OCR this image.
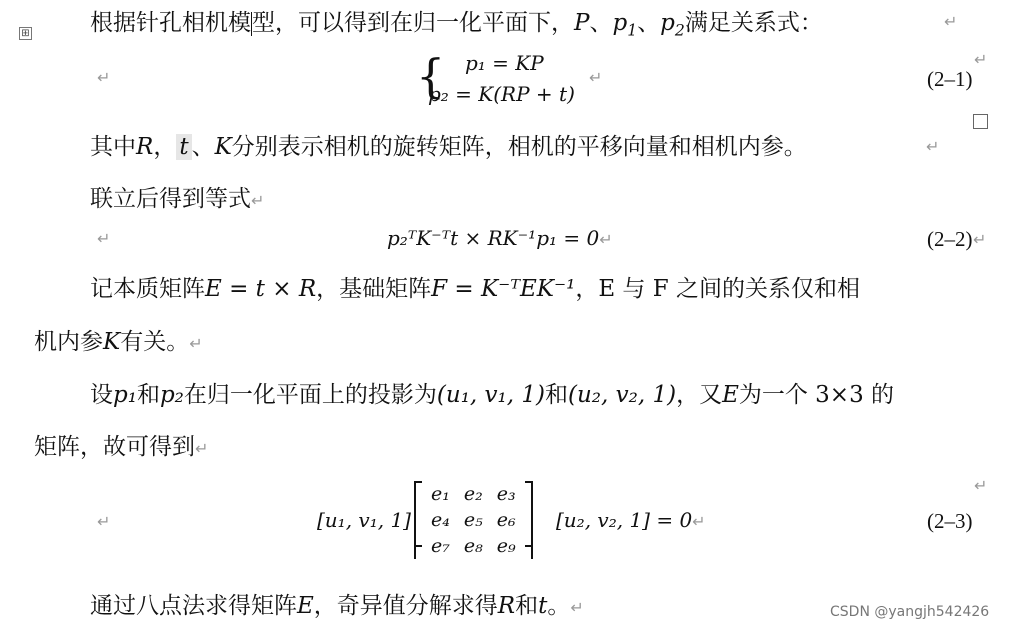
⊞	根据针孔相机模型，可以得到在归一化平面下，P、$p_1$、$p_2$满足关系式：
↵
↵
{ p₁ = KP
p₂ = K(RP + t)
↵
(2‒1)
↵
其中R， t 、K分别表示相机的旋转矩阵，相机的平移向量和相机内参。
↵
联立后得到等式 ↵
↵
p₂ᵀK⁻ᵀt × RK⁻¹p₁ = 0 ↵	(2‒2)
↵
记本质矩阵E = t × R，基础矩阵F = K⁻ᵀEK⁻¹，E 与 F 之间的关系仅和相
机内参K有关。 ↵
设p₁和p₂在归一化平面上的投影为(u₁, v₁, 1)和(u₂, v₂, 1)，又E为一个 3×3 的
矩阵，故可得到 ↵
↵
↵
[u₁, v₁, 1]
e₁	e₂	e₃
e₄	e₅	e₆
e₇	e₈	e₉
[u₂, v₂, 1] = 0 ↵	(2‒3)
通过八点法求得矩阵E，奇异值分解求得R和t。 ↵	CSDN @yangjh542426
